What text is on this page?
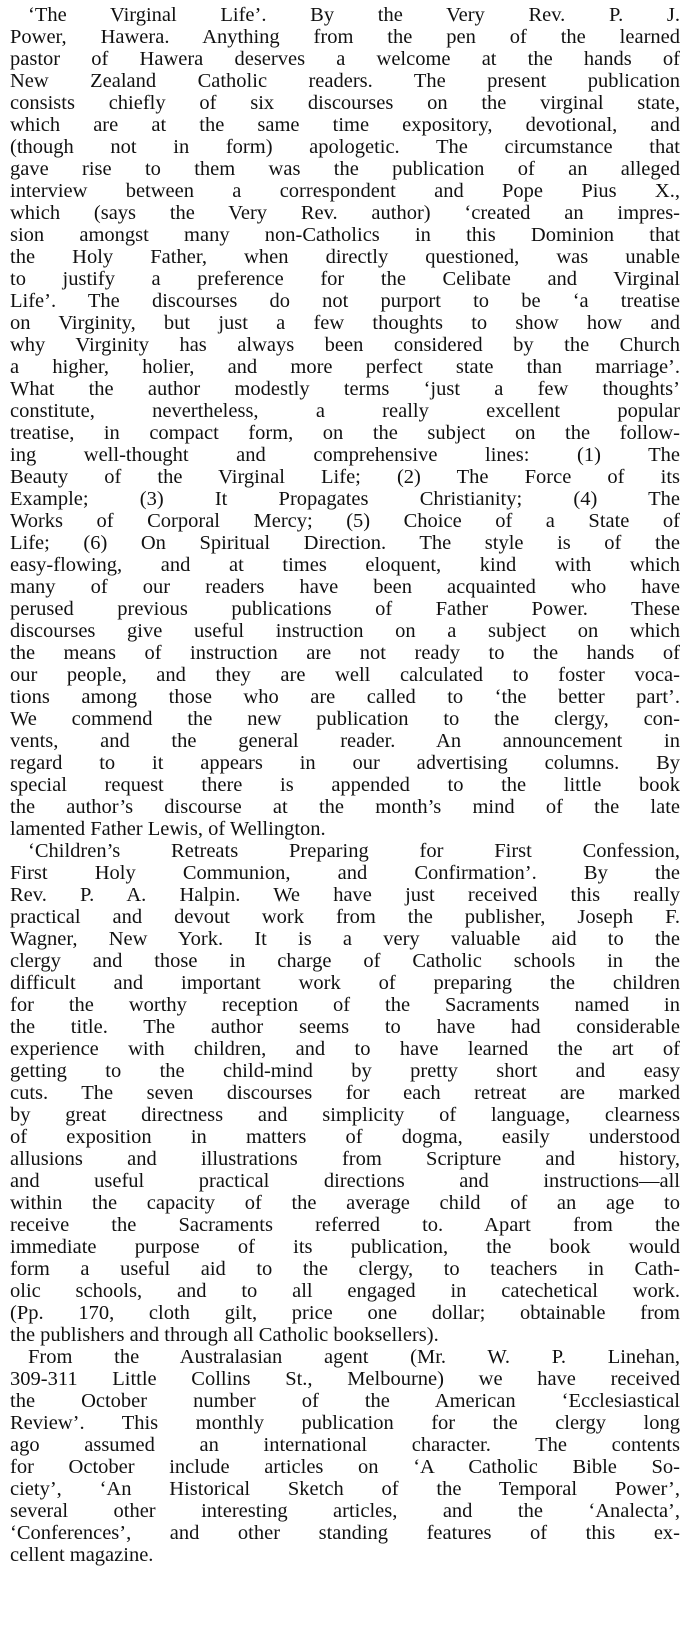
‘The Virginal Life’. By the Very Rev. P. J.
Power, Hawera. Anything from the pen of the learned
pastor of Hawera deserves a welcome at the hands of
New Zealand Catholic readers. The present publication
consists chiefly of six discourses on the virginal state,
which are at the same time expository, devotional, and
(though not in form) apologetic. The circumstance that
gave rise to them was the publication of an alleged
interview between a correspondent and Pope Pius X.,
which (says the Very Rev. author) ‘created an impres-
sion amongst many non-Catholics in this Dominion that
the Holy Father, when directly questioned, was unable
to justify a preference for the Celibate and Virginal
Life’. The discourses do not purport to be ‘a treatise
on Virginity, but just a few thoughts to show how and
why Virginity has always been considered by the Church
a higher, holier, and more perfect state than marriage’.
What the author modestly terms ‘just a few thoughts’
constitute, nevertheless, a really excellent popular
treatise, in compact form, on the subject on the follow-
ing well-thought and comprehensive lines: (1) The
Beauty of the Virginal Life; (2) The Force of its
Example; (3) It Propagates Christianity; (4) The
Works of Corporal Mercy; (5) Choice of a State of
Life; (6) On Spiritual Direction. The style is of the
easy-flowing, and at times eloquent, kind with which
many of our readers have been acquainted who have
perused previous publications of Father Power. These
discourses give useful instruction on a subject on which
the means of instruction are not ready to the hands of
our people, and they are well calculated to foster voca-
tions among those who are called to ‘the better part’.
We commend the new publication to the clergy, con-
vents, and the general reader. An announcement in
regard to it appears in our advertising columns. By
special request there is appended to the little book
the author’s discourse at the month’s mind of the late
lamented Father Lewis, of Wellington.
‘Children’s Retreats Preparing for First Confession,
First Holy Communion, and Confirmation’. By the
Rev. P. A. Halpin. We have just received this really
practical and devout work from the publisher, Joseph F.
Wagner, New York. It is a very valuable aid to the
clergy and those in charge of Catholic schools in the
difficult and important work of preparing the children
for the worthy reception of the Sacraments named in
the title. The author seems to have had considerable
experience with children, and to have learned the art of
getting to the child-mind by pretty short and easy
cuts. The seven discourses for each retreat are marked
by great directness and simplicity of language, clearness
of exposition in matters of dogma, easily understood
allusions and illustrations from Scripture and history,
and useful practical directions and instructions—all
within the capacity of the average child of an age to
receive the Sacraments referred to. Apart from the
immediate purpose of its publication, the book would
form a useful aid to the clergy, to teachers in Cath-
olic schools, and to all engaged in catechetical work.
(Pp. 170, cloth gilt, price one dollar; obtainable from
the publishers and through all Catholic booksellers).
From the Australasian agent (Mr. W. P. Linehan,
309-311 Little Collins St., Melbourne) we have received
the October number of the American ‘Ecclesiastical
Review’. This monthly publication for the clergy long
ago assumed an international character. The contents
for October include articles on ‘A Catholic Bible So-
ciety’, ‘An Historical Sketch of the Temporal Power’,
several other interesting articles, and the ‘Analecta’,
‘Conferences’, and other standing features of this ex-
cellent magazine.
